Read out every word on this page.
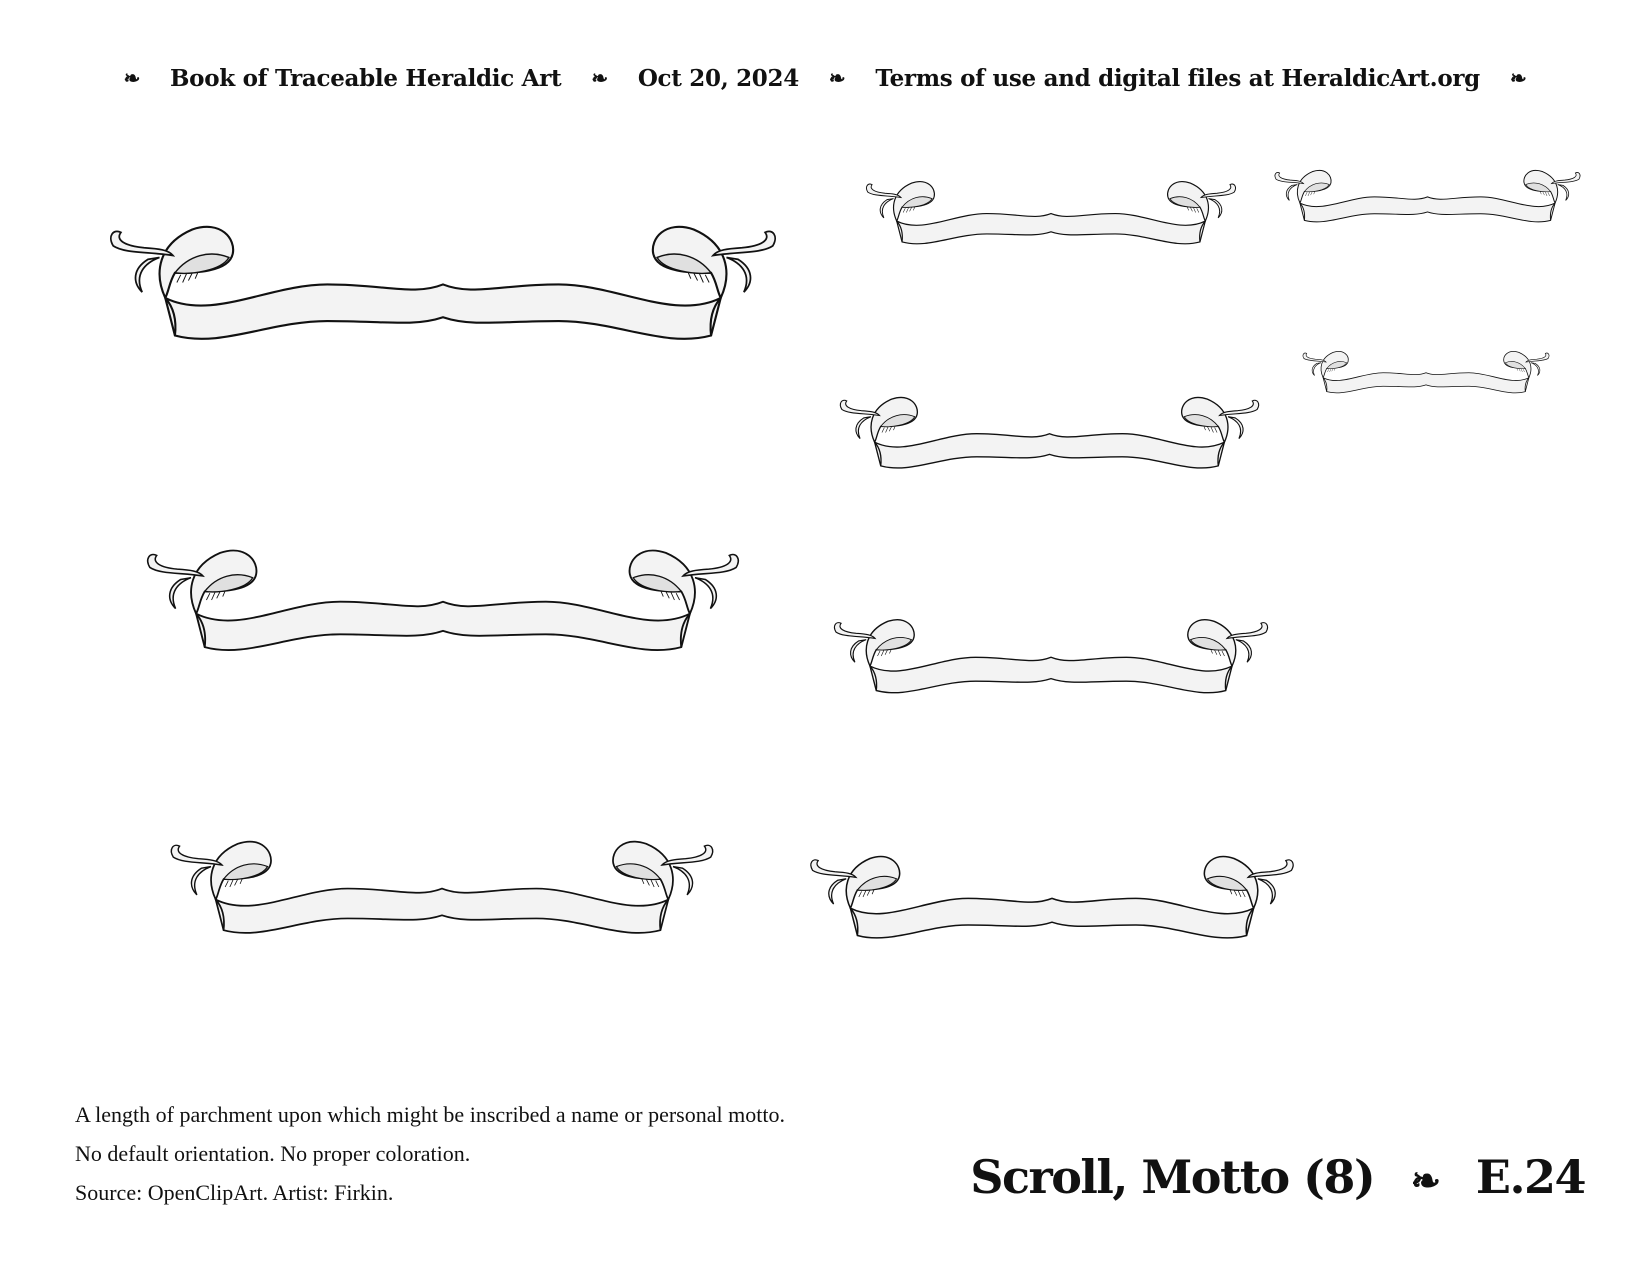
❧ Book of Traceable Heraldic Art ❧ Oct 20, 2024 ❧ Terms of use and digital files at HeraldicArt.org ❧
A length of parchment upon which might be inscribed a name or personal motto.
No default orientation. No proper coloration.
Source: OpenClipArt. Artist: Firkin.	Scroll, Motto (8) ❧ E.24
